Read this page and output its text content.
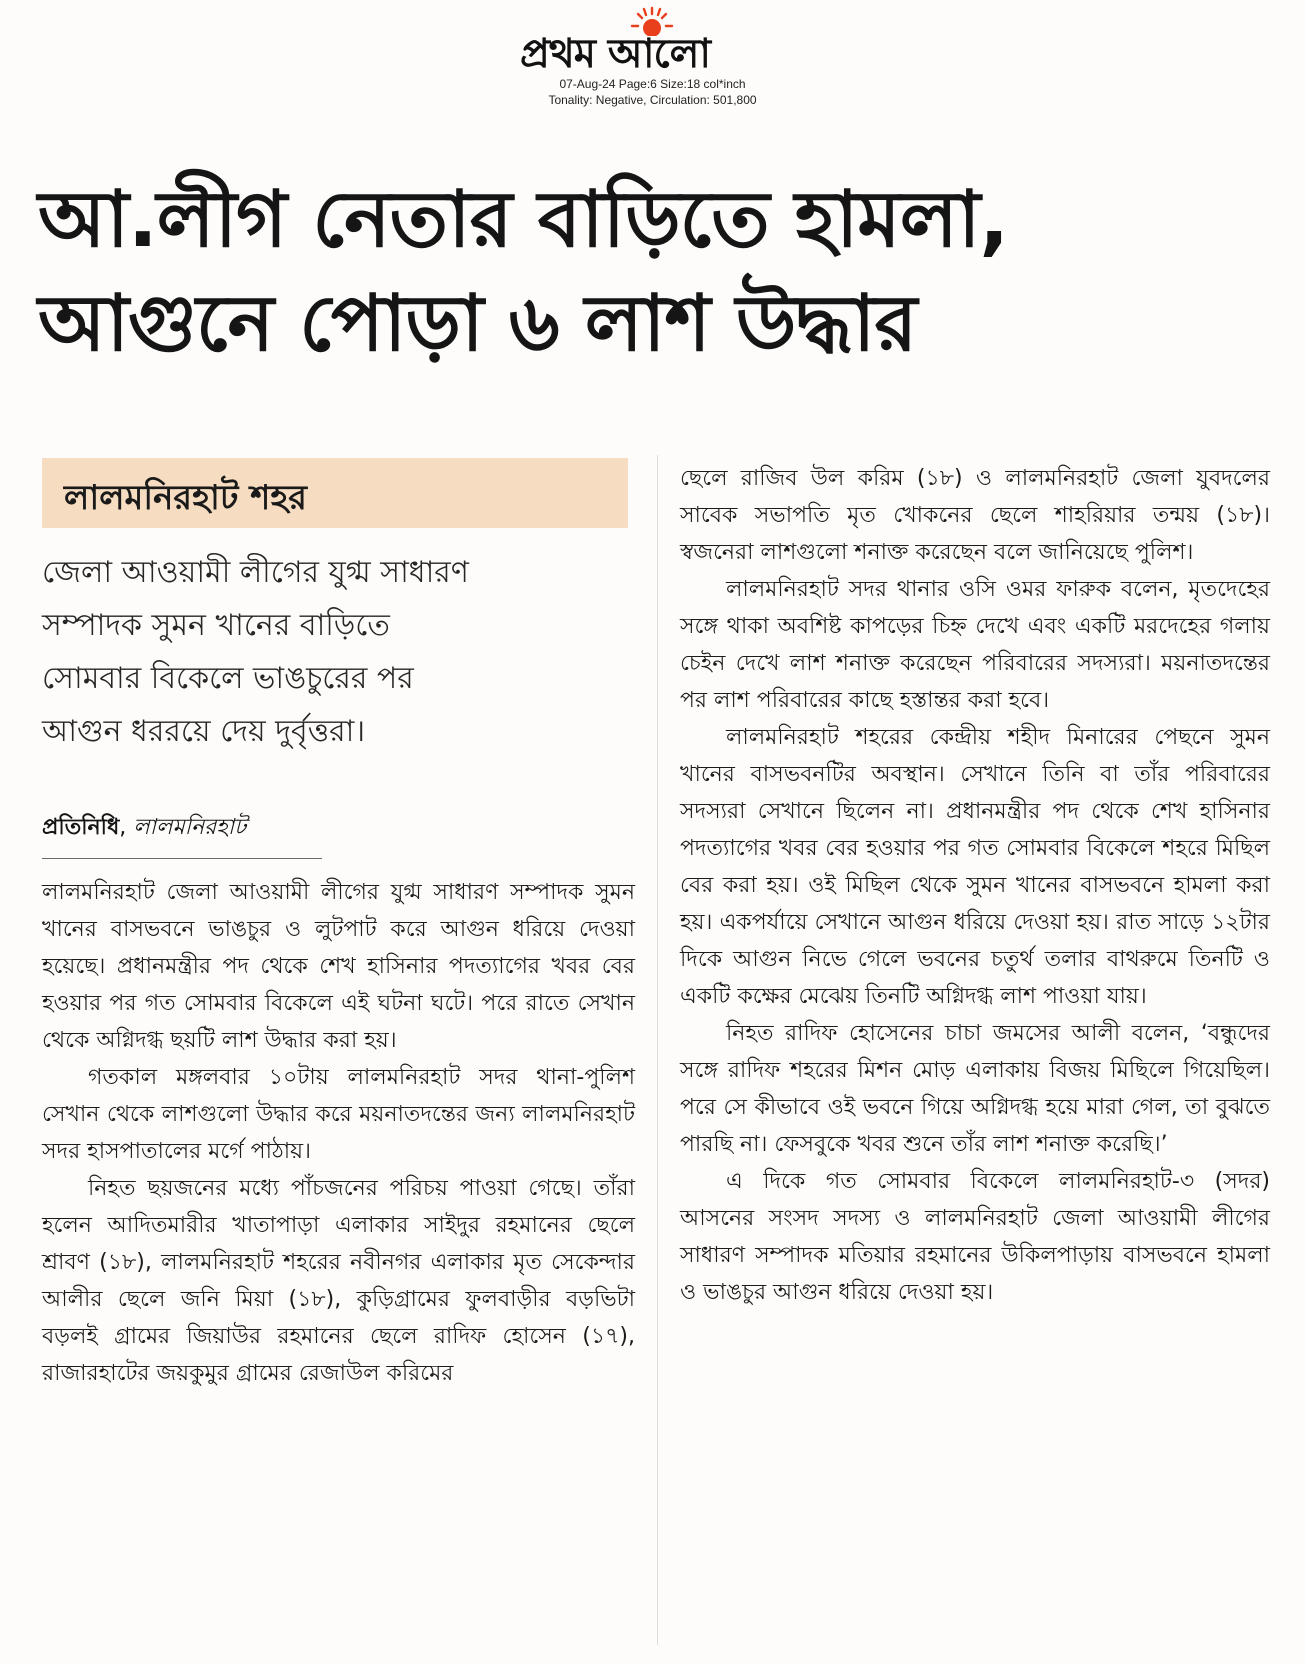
প্রথম আলো
07-Aug-24 Page:6 Size:18 col*inch
Tonality: Negative, Circulation: 501,800
আ.লীগ নেতার বাড়িতে হামলা,
আগুনে পোড়া ৬ লাশ উদ্ধার
লালমনিরহাট শহর
জেলা আওয়ামী লীগের যুগ্ম সাধারণ
সম্পাদক সুমন খানের বাড়িতে
সোমবার বিকেলে ভাঙচুরের পর
আগুন ধররয়ে দেয় দুর্বৃত্তরা।
প্রতিনিধি, লালমনিরহাট

লালমনিরহাট জেলা আওয়ামী লীগের যুগ্ম সাধারণ সম্পাদক সুমন খানের বাসভবনে ভাঙচুর ও লুটপাট করে আগুন ধরিয়ে দেওয়া হয়েছে। প্রধানমন্ত্রীর পদ থেকে শেখ হাসিনার পদত্যাগের খবর বের হওয়ার পর গত সোমবার বিকেলে এই ঘটনা ঘটে। পরে রাতে সেখান থেকে অগ্নিদগ্ধ ছয়টি লাশ উদ্ধার করা হয়।

গতকাল মঙ্গলবার ১০টায় লালমনিরহাট সদর থানা-পুলিশ সেখান থেকে লাশগুলো উদ্ধার করে ময়নাতদন্তের জন্য লালমনিরহাট সদর হাসপাতালের মর্গে পাঠায়।

নিহত ছয়জনের মধ্যে পাঁচজনের পরিচয় পাওয়া গেছে। তাঁরা হলেন আদিতমারীর খাতাপাড়া এলাকার সাইদুর রহমানের ছেলে শ্রাবণ (১৮), লালমনিরহাট শহরের নবীনগর এলাকার মৃত সেকেন্দার আলীর ছেলে জনি মিয়া (১৮), কুড়িগ্রামের ফুলবাড়ীর বড়ভিটা বড়লই গ্রামের জিয়াউর রহমানের ছেলে রাদিফ হোসেন (১৭), রাজারহাটের জয়কুমুর গ্রামের রেজাউল করিমের

ছেলে রাজিব উল করিম (১৮) ও লালমনিরহাট জেলা যুবদলের সাবেক সভাপতি মৃত খোকনের ছেলে শাহরিয়ার তন্ময় (১৮)। স্বজনেরা লাশগুলো শনাক্ত করেছেন বলে জানিয়েছে পুলিশ।

লালমনিরহাট সদর থানার ওসি ওমর ফারুক বলেন, মৃতদেহের সঙ্গে থাকা অবশিষ্ট কাপড়ের চিহ্ন দেখে এবং একটি মরদেহের গলায় চেইন দেখে লাশ শনাক্ত করেছেন পরিবারের সদস্যরা। ময়নাতদন্তের পর লাশ পরিবারের কাছে হস্তান্তর করা হবে।

লালমনিরহাট শহরের কেন্দ্রীয় শহীদ মিনারের পেছনে সুমন খানের বাসভবনটির অবস্থান। সেখানে তিনি বা তাঁর পরিবারের সদস্যরা সেখানে ছিলেন না। প্রধানমন্ত্রীর পদ থেকে শেখ হাসিনার পদত্যাগের খবর বের হওয়ার পর গত সোমবার বিকেলে শহরে মিছিল বের করা হয়। ওই মিছিল থেকে সুমন খানের বাসভবনে হামলা করা হয়। একপর্যায়ে সেখানে আগুন ধরিয়ে দেওয়া হয়। রাত সাড়ে ১২টার দিকে আগুন নিভে গেলে ভবনের চতুর্থ তলার বাথরুমে তিনটি ও একটি কক্ষের মেঝেয় তিনটি অগ্নিদগ্ধ লাশ পাওয়া যায়।

নিহত রাদিফ হোসেনের চাচা জমসের আলী বলেন, ‘বন্ধুদের সঙ্গে রাদিফ শহরের মিশন মোড় এলাকায় বিজয় মিছিলে গিয়েছিল। পরে সে কীভাবে ওই ভবনে গিয়ে অগ্নিদগ্ধ হয়ে মারা গেল, তা বুঝতে পারছি না। ফেসবুকে খবর শুনে তাঁর লাশ শনাক্ত করেছি।’

এ দিকে গত সোমবার বিকেলে লালমনিরহাট-৩ (সদর) আসনের সংসদ সদস্য ও লালমনিরহাট জেলা আওয়ামী লীগের সাধারণ সম্পাদক মতিয়ার রহমানের উকিলপাড়ায় বাসভবনে হামলা ও ভাঙচুর আগুন ধরিয়ে দেওয়া হয়।
